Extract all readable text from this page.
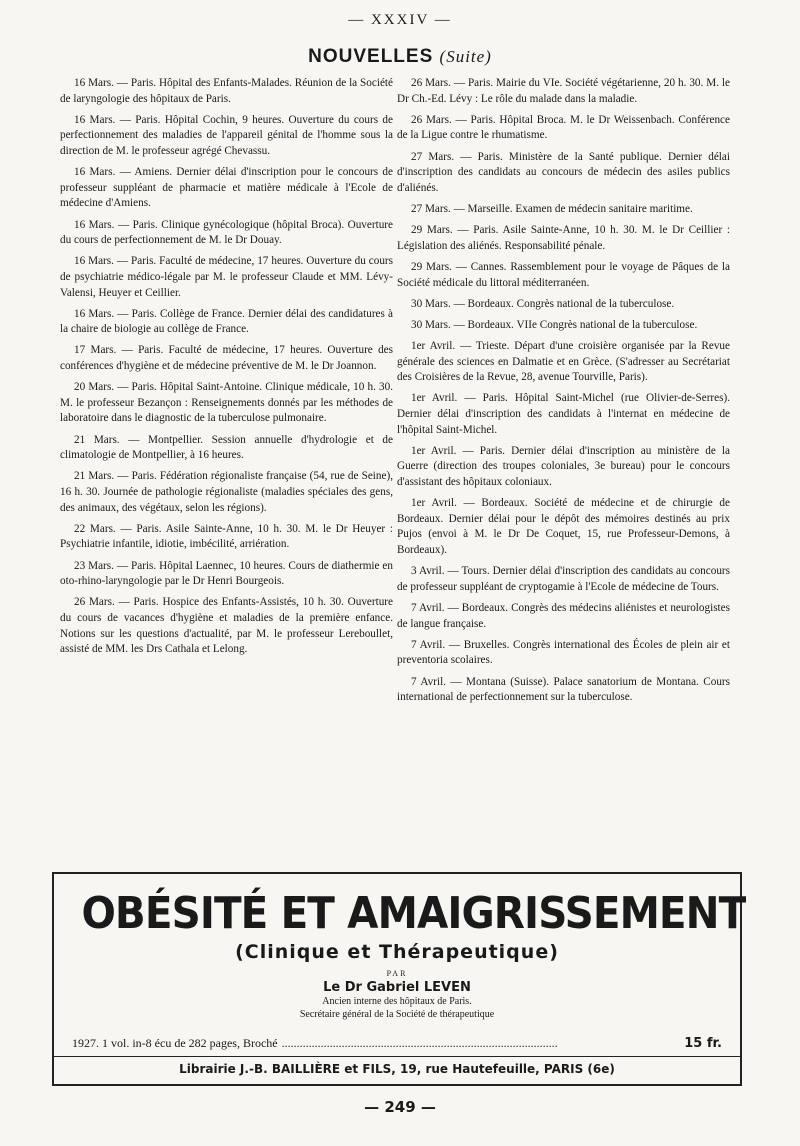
— XXXIV —
NOUVELLES (Suite)

16 Mars. — Paris. Hôpital des Enfants-Malades. Réunion de la Société de laryngologie des hôpitaux de Paris.

16 Mars. — Paris. Hôpital Cochin, 9 heures. Ouverture du cours de perfectionnement des maladies de l'appareil génital de l'homme sous la direction de M. le professeur agrégé Chevassu.

16 Mars. — Amiens. Dernier délai d'inscription pour le concours de professeur suppléant de pharmacie et matière médicale à l'Ecole de médecine d'Amiens.

16 Mars. — Paris. Clinique gynécologique (hôpital Broca). Ouverture du cours de perfectionnement de M. le Dr Douay.

16 Mars. — Paris. Faculté de médecine, 17 heures. Ouverture du cours de psychiatrie médico-légale par M. le professeur Claude et MM. Lévy-Valensi, Heuyer et Ceillier.

16 Mars. — Paris. Collège de France. Dernier délai des candidatures à la chaire de biologie au collège de France.

17 Mars. — Paris. Faculté de médecine, 17 heures. Ouverture des conférences d'hygiène et de médecine préventive de M. le Dr Joannon.

20 Mars. — Paris. Hôpital Saint-Antoine. Clinique médicale, 10 h. 30. M. le professeur Bezançon : Renseignements donnés par les méthodes de laboratoire dans le diagnostic de la tuberculose pulmonaire.

21 Mars. — Montpellier. Session annuelle d'hydrologie et de climatologie de Montpellier, à 16 heures.

21 Mars. — Paris. Fédération régionaliste française (54, rue de Seine), 16 h. 30. Journée de pathologie régionaliste (maladies spéciales des gens, des animaux, des végétaux, selon les régions).

22 Mars. — Paris. Asile Sainte-Anne, 10 h. 30. M. le Dr Heuyer : Psychiatrie infantile, idiotie, imbécilité, arriération.

23 Mars. — Paris. Hôpital Laennec, 10 heures. Cours de diathermie en oto-rhino-laryngologie par le Dr Henri Bourgeois.

26 Mars. — Paris. Hospice des Enfants-Assistés, 10 h. 30. Ouverture du cours de vacances d'hygiène et maladies de la première enfance. Notions sur les questions d'actualité, par M. le professeur Lereboullet, assisté de MM. les Drs Cathala et Lelong.

26 Mars. — Paris. Mairie du VIe. Société végétarienne, 20 h. 30. M. le Dr Ch.-Ed. Lévy : Le rôle du malade dans la maladie.

26 Mars. — Paris. Hôpital Broca. M. le Dr Weissenbach. Conférence de la Ligue contre le rhumatisme.

27 Mars. — Paris. Ministère de la Santé publique. Dernier délai d'inscription des candidats au concours de médecin des asiles publics d'aliénés.

27 Mars. — Marseille. Examen de médecin sanitaire maritime.

29 Mars. — Paris. Asile Sainte-Anne, 10 h. 30. M. le Dr Ceillier : Législation des aliénés. Responsabilité pénale.

29 Mars. — Cannes. Rassemblement pour le voyage de Pâques de la Société médicale du littoral méditerranéen.

30 Mars. — Bordeaux. Congrès national de la tuberculose.

30 Mars. — Bordeaux. VIIe Congrès national de la tuberculose.

1er Avril. — Trieste. Départ d'une croisière organisée par la Revue générale des sciences en Dalmatie et en Grèce. (S'adresser au Secrétariat des Croisières de la Revue, 28, avenue Tourville, Paris).

1er Avril. — Paris. Hôpital Saint-Michel (rue Olivier-de-Serres). Dernier délai d'inscription des candidats à l'internat en médecine de l'hôpital Saint-Michel.

1er Avril. — Paris. Dernier délai d'inscription au ministère de la Guerre (direction des troupes coloniales, 3e bureau) pour le concours d'assistant des hôpitaux coloniaux.

1er Avril. — Bordeaux. Société de médecine et de chirurgie de Bordeaux. Dernier délai pour le dépôt des mémoires destinés au prix Pujos (envoi à M. le Dr De Coquet, 15, rue Professeur-Demons, à Bordeaux).

3 Avril. — Tours. Dernier délai d'inscription des candidats au concours de professeur suppléant de cryptogamie à l'Ecole de médecine de Tours.

7 Avril. — Bordeaux. Congrès des médecins aliénistes et neurologistes de langue française.

7 Avril. — Bruxelles. Congrès international des Écoles de plein air et preventoria scolaires.

7 Avril. — Montana (Suisse). Palace sanatorium de Montana. Cours international de perfectionnement sur la tuberculose.

OBÉSITÉ ET AMAIGRISSEMENT
(Clinique et Thérapeutique)
PAR
Le Dr Gabriel LEVEN
Ancien interne des hôpitaux de Paris.
Secrétaire général de la Société de thérapeutique
1927. 1 vol. in-8 écu de 282 pages, Broché ............................................................................................	15 fr.
Librairie J.-B. BAILLIÈRE et FILS, 19, rue Hautefeuille, PARIS (6e)
— 249 —
